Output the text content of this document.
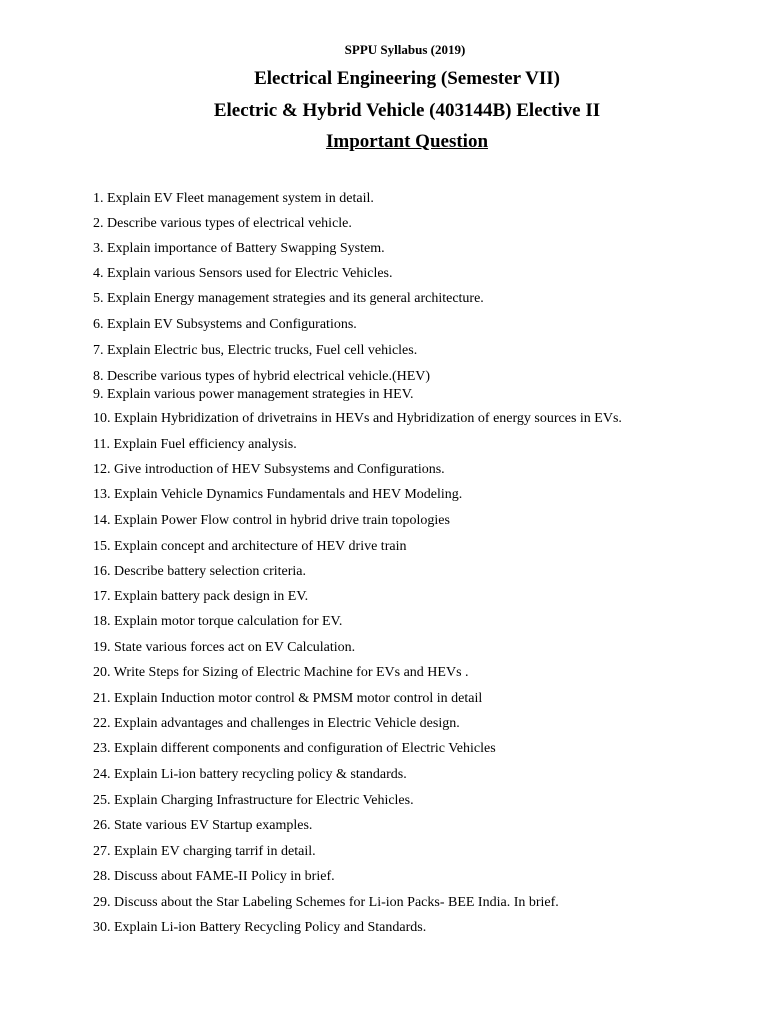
SPPU Syllabus (2019)
Electrical Engineering (Semester VII)
Electric & Hybrid Vehicle (403144B) Elective II
Important Question
1. Explain EV Fleet management system in detail.
2. Describe various types of electrical vehicle.
3. Explain importance of Battery Swapping System.
4. Explain various Sensors used for Electric Vehicles.
5. Explain Energy management strategies and its general architecture.
6. Explain EV Subsystems and Configurations.
7. Explain Electric bus, Electric trucks, Fuel cell vehicles.
8. Describe various types of hybrid electrical vehicle.(HEV)
9. Explain various power management strategies in HEV.
10. Explain Hybridization of drivetrains in HEVs and Hybridization of energy sources in EVs.
11. Explain Fuel efficiency analysis.
12. Give introduction of HEV Subsystems and Configurations.
13. Explain Vehicle Dynamics Fundamentals and HEV Modeling.
14. Explain Power Flow control in hybrid drive train topologies
15. Explain concept and architecture of HEV drive train
16. Describe battery selection criteria.
17. Explain battery pack design in EV.
18. Explain motor torque calculation for EV.
19. State various forces act on EV Calculation.
20. Write Steps for Sizing of Electric Machine for EVs and HEVs .
21. Explain Induction motor control & PMSM motor control in detail
22. Explain advantages and challenges in Electric Vehicle design.
23. Explain different components and configuration of Electric Vehicles
24. Explain Li-ion battery recycling policy & standards.
25. Explain Charging Infrastructure for Electric Vehicles.
26. State various EV Startup examples.
27. Explain EV charging tarrif in detail.
28. Discuss about FAME-II Policy in brief.
29. Discuss about the Star Labeling Schemes for Li-ion Packs- BEE India. In brief.
30. Explain Li-ion Battery Recycling Policy and Standards.
